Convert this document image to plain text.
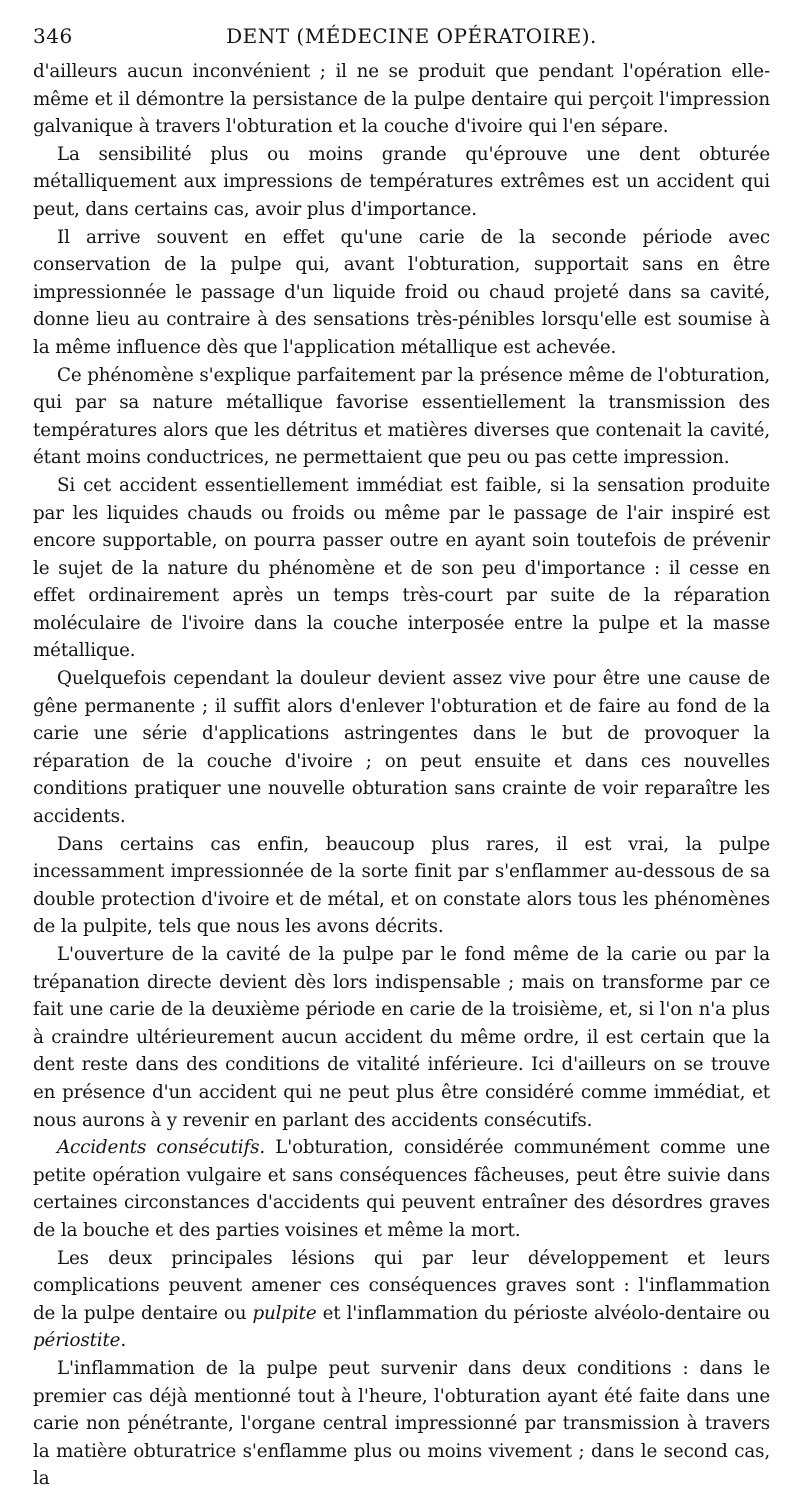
346	DENT (MÉDECINE OPÉRATOIRE).

d'ailleurs aucun inconvénient ; il ne se produit que pendant l'opération elle-même et il démontre la persistance de la pulpe dentaire qui perçoit l'impression galvanique à travers l'obturation et la couche d'ivoire qui l'en sépare.

La sensibilité plus ou moins grande qu'éprouve une dent obturée métalliquement aux impressions de températures extrêmes est un accident qui peut, dans certains cas, avoir plus d'importance.

Il arrive souvent en effet qu'une carie de la seconde période avec conservation de la pulpe qui, avant l'obturation, supportait sans en être impressionnée le passage d'un liquide froid ou chaud projeté dans sa cavité, donne lieu au contraire à des sensations très-pénibles lorsqu'elle est soumise à la même influence dès que l'application métallique est achevée.

Ce phénomène s'explique parfaitement par la présence même de l'obturation, qui par sa nature métallique favorise essentiellement la transmission des températures alors que les détritus et matières diverses que contenait la cavité, étant moins conductrices, ne permettaient que peu ou pas cette impression.

Si cet accident essentiellement immédiat est faible, si la sensation produite par les liquides chauds ou froids ou même par le passage de l'air inspiré est encore supportable, on pourra passer outre en ayant soin toutefois de prévenir le sujet de la nature du phénomène et de son peu d'importance : il cesse en effet ordinairement après un temps très-court par suite de la réparation moléculaire de l'ivoire dans la couche interposée entre la pulpe et la masse métallique.

Quelquefois cependant la douleur devient assez vive pour être une cause de gêne permanente ; il suffit alors d'enlever l'obturation et de faire au fond de la carie une série d'applications astringentes dans le but de provoquer la réparation de la couche d'ivoire ; on peut ensuite et dans ces nouvelles conditions pratiquer une nouvelle obturation sans crainte de voir reparaître les accidents.

Dans certains cas enfin, beaucoup plus rares, il est vrai, la pulpe incessamment impressionnée de la sorte finit par s'enflammer au-dessous de sa double protection d'ivoire et de métal, et on constate alors tous les phénomènes de la pulpite, tels que nous les avons décrits.

L'ouverture de la cavité de la pulpe par le fond même de la carie ou par la trépanation directe devient dès lors indispensable ; mais on transforme par ce fait une carie de la deuxième période en carie de la troisième, et, si l'on n'a plus à craindre ultérieurement aucun accident du même ordre, il est certain que la dent reste dans des conditions de vitalité inférieure. Ici d'ailleurs on se trouve en présence d'un accident qui ne peut plus être considéré comme immédiat, et nous aurons à y revenir en parlant des accidents consécutifs.

Accidents consécutifs. L'obturation, considérée communément comme une petite opération vulgaire et sans conséquences fâcheuses, peut être suivie dans certaines circonstances d'accidents qui peuvent entraîner des désordres graves de la bouche et des parties voisines et même la mort.

Les deux principales lésions qui par leur développement et leurs complications peuvent amener ces conséquences graves sont : l'inflammation de la pulpe dentaire ou pulpite et l'inflammation du périoste alvéolo-dentaire ou périostite.

L'inflammation de la pulpe peut survenir dans deux conditions : dans le premier cas déjà mentionné tout à l'heure, l'obturation ayant été faite dans une carie non pénétrante, l'organe central impressionné par transmission à travers la matière obturatrice s'enflamme plus ou moins vivement ; dans le second cas, la
